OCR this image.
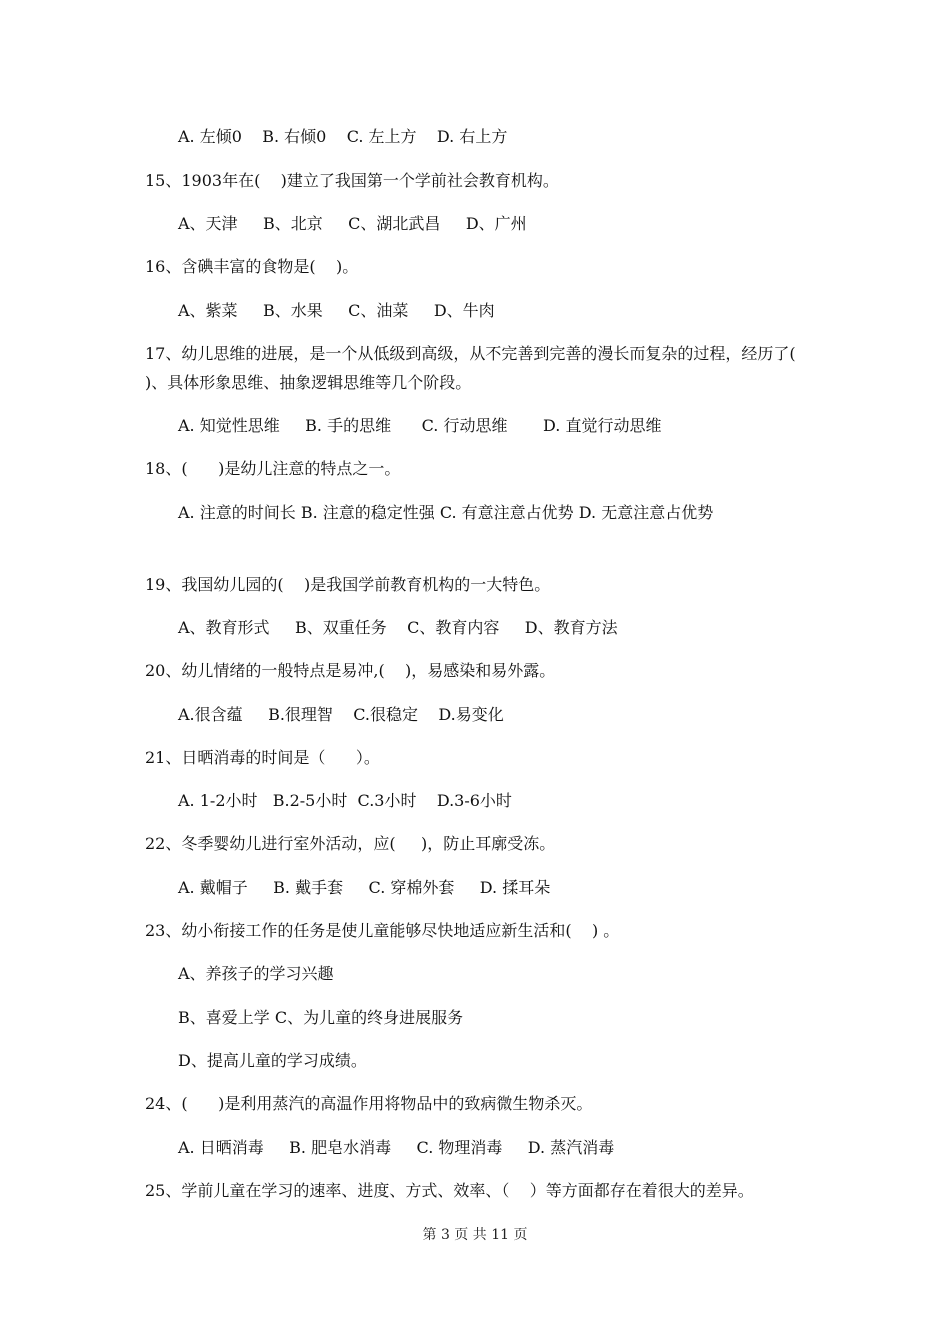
A. 左倾0    B. 右倾0    C. 左上方    D. 右上方
15、1903年在(    )建立了我国第一个学前社会教育机构。
A、天津     B、北京     C、湖北武昌     D、广州
16、含碘丰富的食物是(    )。
A、紫菜     B、水果     C、油菜     D、牛肉
17、幼儿思维的进展，是一个从低级到高级，从不完善到完善的漫长而复杂的过程，经历了( )、具体形象思维、抽象逻辑思维等几个阶段。
A. 知觉性思维     B. 手的思维      C. 行动思维       D. 直觉行动思维
18、(      )是幼儿注意的特点之一。
A. 注意的时间长 B. 注意的稳定性强 C. 有意注意占优势 D. 无意注意占优势
19、我国幼儿园的(    )是我国学前教育机构的一大特色。
A、教育形式     B、双重任务    C、教育内容     D、教育方法
20、幼儿情绪的一般特点是易冲,(    )，易感染和易外露。
A.很含蕴     B.很理智    C.很稳定    D.易变化
21、日晒消毒的时间是（      ）。
A. 1-2小时   B.2-5小时  C.3小时    D.3-6小时
22、冬季婴幼儿进行室外活动，应(     )，防止耳廓受冻。
A. 戴帽子     B. 戴手套     C. 穿棉外套     D. 揉耳朵
23、幼小衔接工作的任务是使儿童能够尽快地适应新生活和(    ) 。
A、养孩子的学习兴趣
B、喜爱上学 C、为儿童的终身进展服务
D、提高儿童的学习成绩。
24、(      )是利用蒸汽的高温作用将物品中的致病微生物杀灭。
A. 日晒消毒     B. 肥皂水消毒     C. 物理消毒     D. 蒸汽消毒
25、学前儿童在学习的速率、进度、方式、效率、（    ）等方面都存在着很大的差异。
第 3 页 共 11 页
